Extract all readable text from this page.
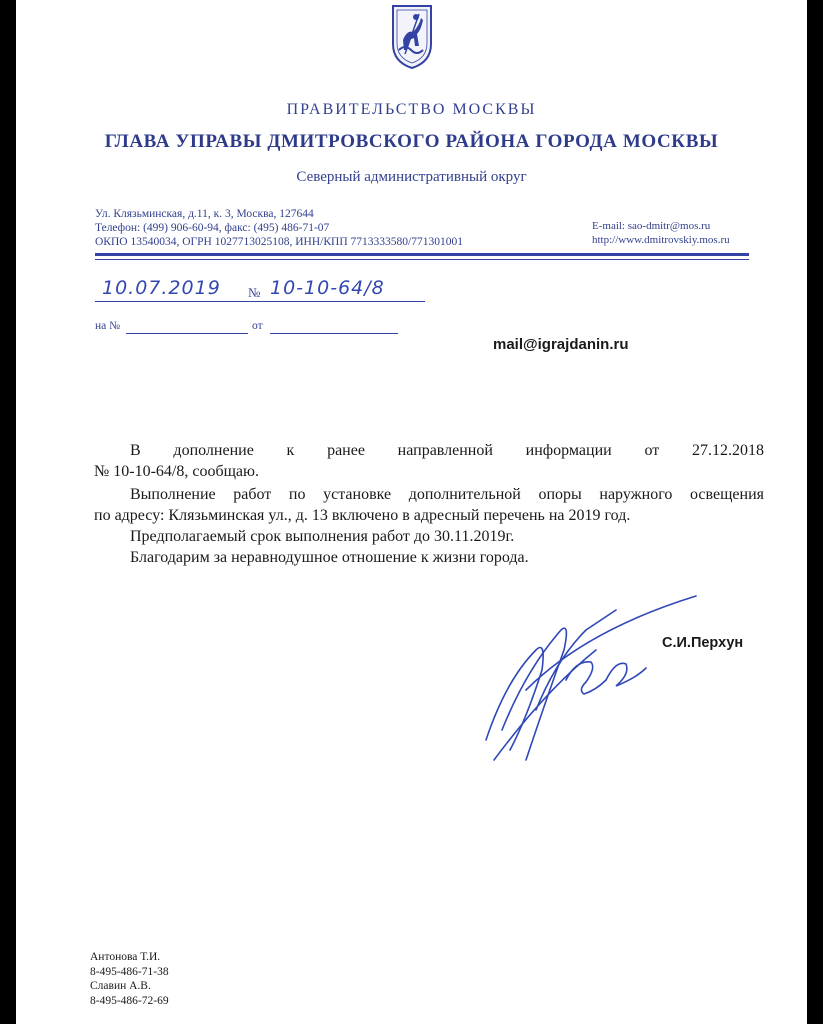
ПРАВИТЕЛЬСТВО МОСКВЫ
ГЛАВА УПРАВЫ ДМИТРОВСКОГО РАЙОНА ГОРОДА МОСКВЫ
Северный административный округ
Ул. Клязьминская, д.11, к. 3, Москва, 127644
Телефон: (499) 906-60-94, факс: (495) 486-71-07
ОКПО 13540034, ОГРН 1027713025108, ИНН/КПП 7713333580/771301001
E-mail: sao-dmitr@mos.ru
http://www.dmitrovskiy.mos.ru
10.07.2019 № 10-10-64/8
на №	от
mail@igrajdanin.ru
В дополнение к ранее направленной информации от 27.12.2018
№ 10-10-64/8, сообщаю.
Выполнение работ по установке дополнительной опоры наружного освещения
по адресу: Клязьминская ул., д. 13 включено в адресный перечень на 2019 год.
Предполагаемый срок выполнения работ до 30.11.2019г.
Благодарим за неравнодушное отношение к жизни города.
С.И.Перхун
Антонова Т.И.
8-495-486-71-38
Славин А.В.
8-495-486-72-69
